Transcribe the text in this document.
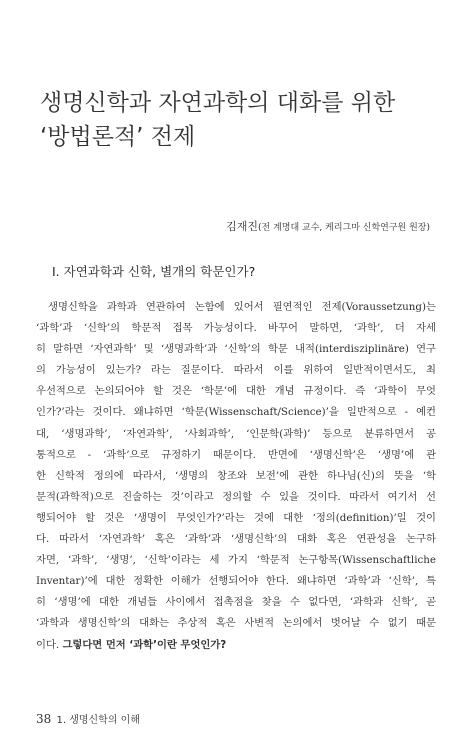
생명신학과 자연과학의 대화를 위한
‘방법론적’ 전제
김재진(전 계명대 교수, 케리그마 신학연구원 원장)
Ⅰ. 자연과학과 신학, 별개의 학문인가?
생명신학을 과학과 연관하여 논함에 있어서 필연적인 전제(Voraussetzung)는
‘과학’과 ‘신학’의 학문적 접목 가능성이다. 바꾸어 말하면, ‘과학’, 더 자세
히 말하면 ‘자연과학’ 및 ‘생명과학’과 ‘신학’의 학문 내적(interdisziplinäre) 연구
의 가능성이 있는가? 라는 질문이다. 따라서 이를 위하여 일반적이면서도, 최
우선적으로 논의되어야 할 것은 ‘학문’에 대한 개념 규정이다. 즉 ‘과학이 무엇
인가?’라는 것이다. 왜냐하면 ‘학문(Wissenschaft/Science)’을 일반적으로 - 예컨
대, ‘생명과학’, ‘자연과학’, ‘사회과학’, ‘인문학(과학)’ 등으로 분류하면서 공
통적으로 - ‘과학’으로 규정하기 때문이다. 반면에 ‘생명신학’은 ‘생명’에 관
한 신학적 정의에 따라서, ‘생명의 창조와 보전’에 관한 하나님(신)의 뜻을 ‘학
문적(과학적)으로 진술하는 것’이라고 정의할 수 있을 것이다. 따라서 여기서 선
행되어야 할 것은 ‘생명이 무엇인가?’라는 것에 대한 ‘정의(definition)’일 것이
다. 따라서 ‘자연과학’ 혹은 ‘과학’과 ‘생명신학’의 대화 혹은 연관성을 논구하
자면, ‘과학’, ‘생명’, ‘신학’이라는 세 가지 ‘학문적 논구항목(Wissenschaftliche
Inventar)’에 대한 정확한 이해가 선행되어야 한다. 왜냐하면 ‘과학’과 ‘신학’, 특
히 ‘생명’에 대한 개념들 사이에서 접촉점을 찾을 수 없다면, ‘과학과 신학’, 곧
‘과학과 생명신학’의 대화는 추상적 혹은 사변적 논의에서 벗어날 수 없기 때문
이다. 그렇다면 먼저 ‘과학’이란 무엇인가?
38 1. 생명신학의 이해
